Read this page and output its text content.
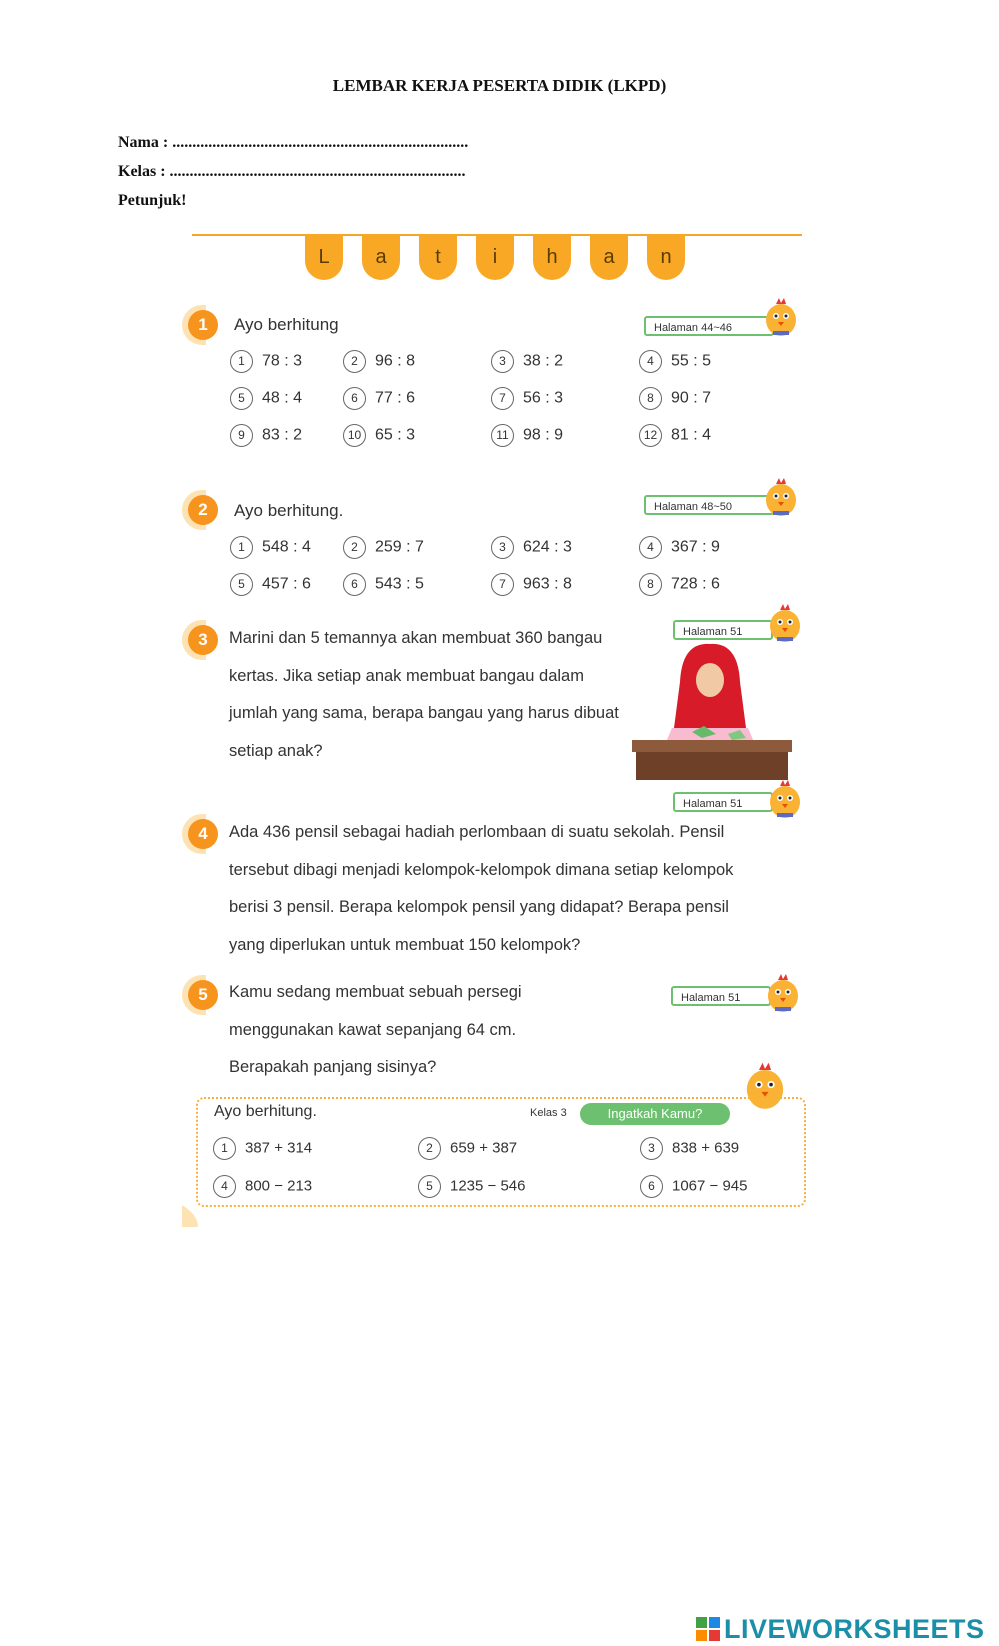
LEMBAR KERJA PESERTA DIDIK (LKPD)
Nama : ..........................................................................
Kelas : ..........................................................................
Petunjuk!
L	a	t	i	h	a	n
1	Ayo berhitung	Halaman 44~46
1 78 : 3	2 96 : 8	3 38 : 2	4 55 : 5
5 48 : 4	6 77 : 6	7 56 : 3	8 90 : 7
9 83 : 2	10 65 : 3	11 98 : 9	12 81 : 4
2	Ayo berhitung.	Halaman 48~50
1 548 : 4	2 259 : 7	3 624 : 3	4 367 : 9
5 457 : 6	6 543 : 5	7 963 : 8	8 728 : 6
3	Halaman 51
Marini dan 5 temannya akan membuat 360 bangau
kertas. Jika setiap anak membuat bangau dalam
jumlah yang sama, berapa bangau yang harus dibuat
setiap anak?
Halaman 51
4	Ada 436 pensil sebagai hadiah perlombaan di suatu sekolah. Pensil
tersebut dibagi menjadi kelompok-kelompok dimana setiap kelompok
berisi 3 pensil. Berapa kelompok pensil yang didapat? Berapa pensil
yang diperlukan untuk membuat 150 kelompok?
5	Halaman 51
Kamu sedang membuat sebuah persegi
menggunakan kawat sepanjang 64 cm.
Berapakah panjang sisinya?
Ayo berhitung.	Kelas 3	Ingatkah Kamu?
1 387 + 314	2 659 + 387	3 838 + 639
4 800 − 213	5 1235 − 546	6 1067 − 945
LIVEWORKSHEETS
